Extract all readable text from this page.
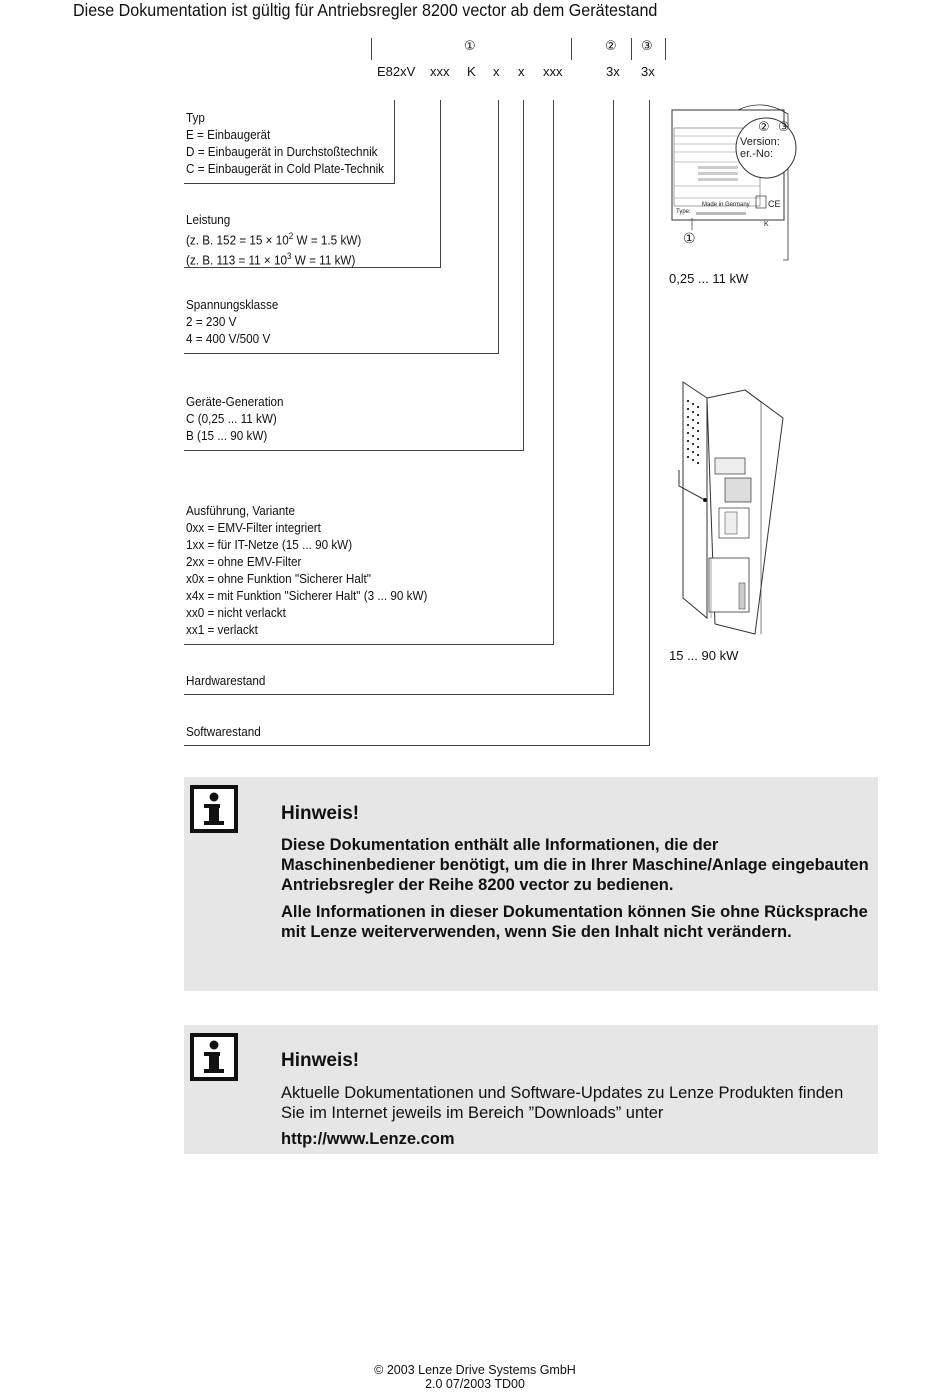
Diese Dokumentation ist gültig für Antriebsregler 8200 vector ab dem Gerätestand
①	② ③
E82xV xxx K x x xxx	3x 3x
Typ
E = Einbaugerät
D = Einbaugerät in Durchstoßtechnik
C = Einbaugerät in Cold Plate-Technik
Leistung
(z. B. $152 = 15 \times 10^2$ W = 1.5 kW)
(z. B. $113 = 11 \times 10^3$ W = 11 kW)
Spannungsklasse
2 = 230 V
4 = 400 V/500 V
Geräte-Generation
C (0,25 ... 11 kW)
B (15 ... 90 kW)
Ausführung, Variante
0xx = EMV-Filter integriert
1xx = für IT-Netze (15 ... 90 kW)
2xx = ohne EMV-Filter
x0x = ohne Funktion "Sicherer Halt"
x4x = mit Funktion "Sicherer Halt" (3 ... 90 kW)
xx0 = nicht verlackt
xx1 = verlackt
Hardwarestand
Softwarestand
Version:
er.-No:
② ③
Made in Germany
Type:
K
CE
①
0,25 ... 11 kW
15 ... 90 kW
Hinweis!
Diese Dokumentation enthält alle Informationen, die der Maschinenbediener benötigt, um die in Ihrer Maschine/Anlage eingebauten Antriebsregler der Reihe 8200 vector zu bedienen.
Alle Informationen in dieser Dokumentation können Sie ohne Rücksprache mit Lenze weiterverwenden, wenn Sie den Inhalt nicht verändern.
Hinweis!
Aktuelle Dokumentationen und Software-Updates zu Lenze Produkten finden Sie im Internet jeweils im Bereich ”Downloads” unter
http://www.Lenze.com
© 2003 Lenze Drive Systems GmbH
2.0 07/2003 TD00
